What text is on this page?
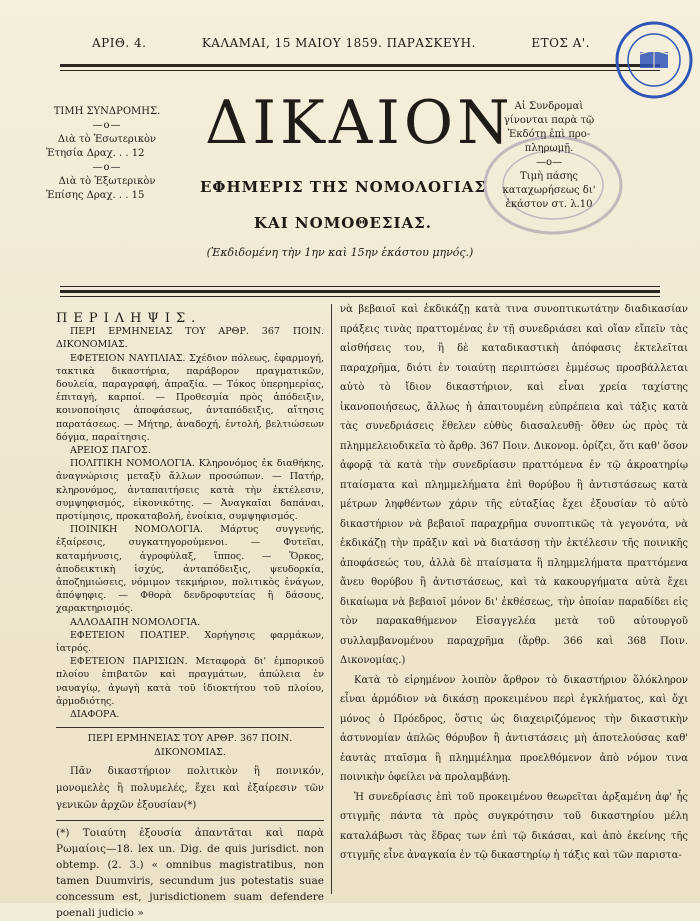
ΑΡΙΘ. 4.	ΚΑΛΑΜΑΙ, 15 ΜΑΙΟΥ 1859. ΠΑΡΑΣΚΕΥΗ.	ΕΤΟΣ Α'.
ΤΙΜΗ ΣΥΝΔΡΟΜΗΣ.
—ο—
Διὰ τὸ Ἐσωτερικὸν
Ἐτησία Δραχ. . . 12
—ο—
Διὰ τὸ Ἐξωτερικὸν
Ἐπίσης Δραχ. . . 15
ΔΙΚΑΙΟΝ
ΕΦΗΜΕΡΙΣ ΤΗΣ ΝΟΜΟΛΟΓΙΑΣ
ΚΑΙ ΝΟΜΟΘΕΣΙΑΣ.
(Ἐκδιδομένη τὴν 1ην καὶ 15ην ἑκάστου μηνός.)
Αἱ Συνδρομαὶ
γίνονται παρὰ τῷ
Ἐκδότῃ ἐπὶ προ-
πληρωμῇ.
—ο—
Τιμὴ πάσης
καταχωρήσεως δι'
ἑκάστον στ. λ.10

ΠΕΡΙΛΗΨΙΣ.

ΠΕΡΙ ΕΡΜΗΝΕΙΑΣ ΤΟΥ ΑΡΘΡ. 367 ΠΟΙΝ. ΔΙΚΟΝΟΜΙΑΣ.

ΕΦΕΤΕΙΟΝ ΝΑΥΠΛΙΑΣ. Σχέδιον πόλεως, ἐφαρμογή, τακτικὰ δικαστήρια, παράβορον πραγματικῶν, δουλεία, παραγραφή, ἀπραξία. — Τόκος ὑπερημερίας, ἐπιταγή, καρποί. — Προθεσμία πρὸς ἀπόδειξιν, κοινοποίησις ἀποφάσεως, ἀνταπόδειξις, αἴτησις παρατάσεως. — Μήτηρ, ἀναδοχή, ἐντολή, βελτιώσεων δόγμα, παραίτησις.

ΑΡΕΙΟΣ ΠΑΓΟΣ.

ΠΟΛΙΤΙΚΗ ΝΟΜΟΛΟΓΙΑ. Κληρονόμος ἐκ διαθήκης, ἀναγνώρισις μεταξὺ ἄλλων προσώπων. — Πατήρ, κληρονόμος, ἀνταπαιτήσεις κατὰ τὴν ἐκτέλεσιν, συμψηφισμός, εἰκονικότης. — Ἀναγκαῖαι δαπάναι, προτίμησις, προκαταβολή, ἐνοίκια, συμψηφισμός.

ΠΟΙΝΙΚΗ ΝΟΜΟΛΟΓΙΑ. Μάρτυς συγγενής, ἐξαίρεσις, συγκατηγορούμενοι. — Φυτεῖαι, καταμήνυσις, ἀγροφύλαξ, ἵππος. — Ὅρκος, ἀποδεικτικὴ ἰσχύς, ἀνταπόδειξις, ψευδορκία, ἀποζημιώσεις, νόμιμον τεκμήριον, πολιτικὸς ἐνάγων, ἀπόψηφις. — Φθορὰ δενδροφυτείας ἢ δάσους, χαρακτηρισμός.

ΑΛΛΟΔΑΠΗ ΝΟΜΟΛΟΓΙΑ.

ΕΦΕΤΕΙΟΝ ΠΟΑΤΙΕΡ. Χορήγησις φαρμάκων, ἰατρός.

ΕΦΕΤΕΙΟΝ ΠΑΡΙΣΙΩΝ. Μεταφορὰ δι' ἐμπορικοῦ πλοίου ἐπιβατῶν καὶ πραγμάτων, ἀπώλεια ἐν ναυαγίῳ, ἀγωγὴ κατὰ τοῦ ἰδιοκτήτου τοῦ πλοίου, ἁρμοδιότης.

ΔΙΑΦΟΡΑ.

ΠΕΡΙ ΕΡΜΗΝΕΙΑΣ ΤΟΥ ΑΡΘΡ. 367 ΠΟΙΝ. ΔΙΚΟΝΟΜΙΑΣ.

Πᾶν δικαστήριον πολιτικὸν ἢ ποινικόν, μονομελὲς ἢ πολυμελές, ἔχει καὶ ἐξαίρεσιν τῶν γενικῶν ἀρχῶν ἐξουσίαν(*)

(*) Τοιαύτη ἐξουσία ἀπαντᾶται καὶ παρὰ Ρωμαίοις—18. lex un. Dig. de quis jurisdict. non obtemp. (2. 3.) « omnibus magistratibus, non tamen Duumviris, secundum jus potestatis suae concessum est, jurisdictionem suam defendere poenali judicio »

νὰ βεβαιοῖ καὶ ἐκδικάζῃ κατὰ τινα συνοπτικωτάτην διαδικασίαν πράξεις τινὰς πραττομένας ἐν τῇ συνεδριάσει καὶ οἵαν εἴπεῖν τὰς αἰσθήσεις του, ἢ δὲ καταδικαστικὴ ἀπόφασις ἐκτελεῖται παραχρῆμα, διότι ἐν τοιαύτῃ περιπτώσει ἐμμέσως προσβάλλεται αὐτὸ τὸ ἴδιον δικαστήριον, καὶ εἶναι χρεία ταχίστης ἱκανοποιήσεως, ἄλλως ἡ ἀπαιτουμένη εὐπρέπεια καὶ τάξις κατὰ τὰς συνεδριάσεις ἔθελεν εὐθὺς διασαλευθῇ· ὅθεν ὡς πρὸς τὰ πλημμελειοδικεῖα τὸ ἄρθρ. 367 Ποιν. Δικονομ. ὁρίζει, ὅτι καθ' ὅσον ἀφορᾷ τὰ κατὰ τὴν συνεδρίασιν πραττόμενα ἐν τῷ ἀκροατηρίῳ πταίσματα καὶ πλημμελήματα ἐπὶ θορύβου ἢ ἀντιστάσεως κατὰ μέτρων ληφθέντων χάριν τῆς εὐταξίας ἔχει ἐξουσίαν τὸ αὐτὸ δικαστήριον νὰ βεβαιοῖ παραχρῆμα συνοπτικῶς τὰ γεγονότα, νὰ ἐκδικάζῃ τὴν πρᾶξιν καὶ νὰ διατάσσῃ τὴν ἐκτέλεσιν τῆς ποινικῆς ἀποφάσεώς του, ἀλλὰ δὲ πταίσματα ἢ πλημμελήματα πραττόμενα ἄνευ θορύβου ἢ ἀντιστάσεως, καὶ τὰ κακουργήματα αὐτὰ ἔχει δικαίωμα νὰ βεβαιοῖ μόνον δι' ἐκθέσεως, τὴν ὁποίαν παραδίδει εἰς τὸν παρακαθήμενον Εἰσαγγελέα μετὰ τοῦ αὐτουργοῦ συλλαμβανομένου παραχρῆμα (ἄρθρ. 366 καὶ 368 Ποιν. Δικονομίας.)

Κατὰ τὸ εἰρημένον λοιπὸν ἄρθρον τὸ δικαστήριον ὅλόκληρον εἶναι ἁρμόδιον νὰ δικάσῃ προκειμένου περὶ ἐγκλήματος, καὶ ὄχι μόνος ὁ Πρόεδρος, ὅστις ὡς διαχειριζόμενος τὴν δικαστικὴν ἀστυνομίαν ἁπλῶς θόρυβον ἢ ἀντιστάσεις μὴ ἀποτελούσας καθ' ἑαυτὰς πταῖσμα ἢ πλημμέλημα προελθόμενον ἀπὸ νόμον τινα ποινικὴν ὀφείλει νὰ προλαμβάνῃ.

Ἡ συνεδρίασις ἐπὶ τοῦ προκειμένου θεωρεῖται ἀρξαμένη ἀφ' ἧς στιγμῆς πάντα τὰ πρὸς συγκρότησιν τοῦ δικαστηρίου μέλη καταλάβωσι τὰς ἕδρας των ἐπὶ τῷ δικάσαι, καὶ ἀπὸ ἐκείνης τῆς στιγμῆς εἶνε ἀναγκαία ἐν τῷ δικαστηρίῳ ἡ τάξις καὶ τῶν παριστα-
